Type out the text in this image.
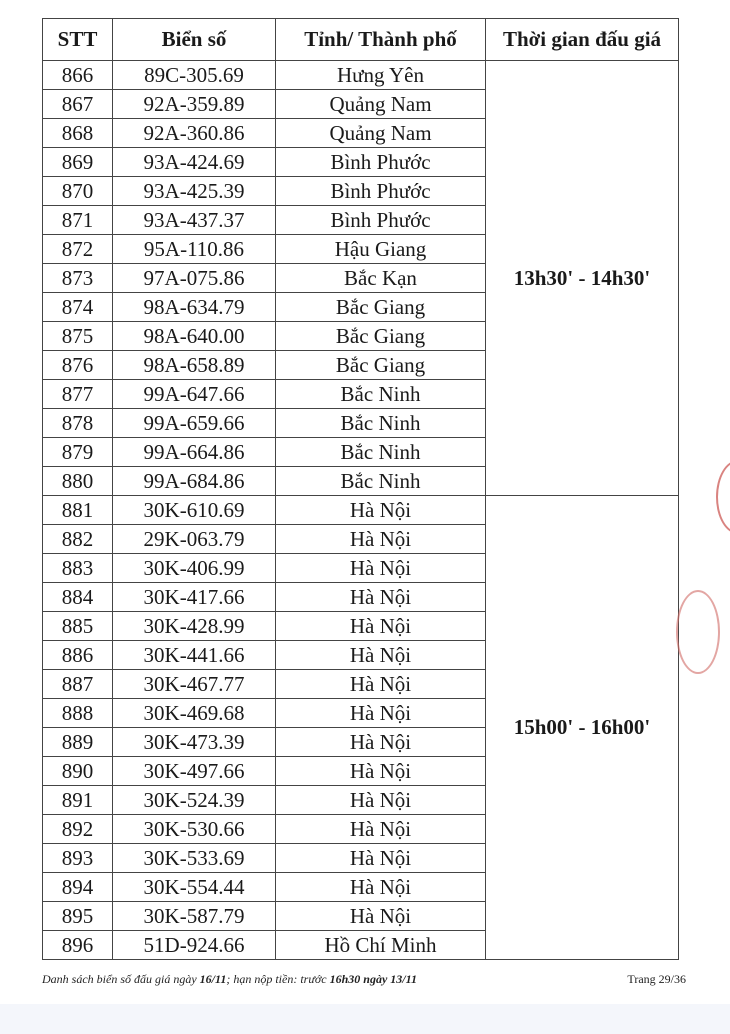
STT	Biển số	Tỉnh/ Thành phố	Thời gian đấu giá
866	89C-305.69	Hưng Yên	13h30' - 14h30'
867	92A-359.89	Quảng Nam	
868	92A-360.86	Quảng Nam	
869	93A-424.69	Bình Phước	
870	93A-425.39	Bình Phước	
871	93A-437.37	Bình Phước	
872	95A-110.86	Hậu Giang	
873	97A-075.86	Bắc Kạn	
874	98A-634.79	Bắc Giang	
875	98A-640.00	Bắc Giang	
876	98A-658.89	Bắc Giang	
877	99A-647.66	Bắc Ninh	
878	99A-659.66	Bắc Ninh	
879	99A-664.86	Bắc Ninh	
880	99A-684.86	Bắc Ninh	
881	30K-610.69	Hà Nội	15h00' - 16h00'
882	29K-063.79	Hà Nội	
883	30K-406.99	Hà Nội	
884	30K-417.66	Hà Nội	
885	30K-428.99	Hà Nội	
886	30K-441.66	Hà Nội	
887	30K-467.77	Hà Nội	
888	30K-469.68	Hà Nội	
889	30K-473.39	Hà Nội	
890	30K-497.66	Hà Nội	
891	30K-524.39	Hà Nội	
892	30K-530.66	Hà Nội	
893	30K-533.69	Hà Nội	
894	30K-554.44	Hà Nội	
895	30K-587.79	Hà Nội	
896	51D-924.66	Hồ Chí Minh	
Danh sách biển số đấu giá ngày 16/11; hạn nộp tiền: trước 16h30 ngày 13/11	Trang 29/36
